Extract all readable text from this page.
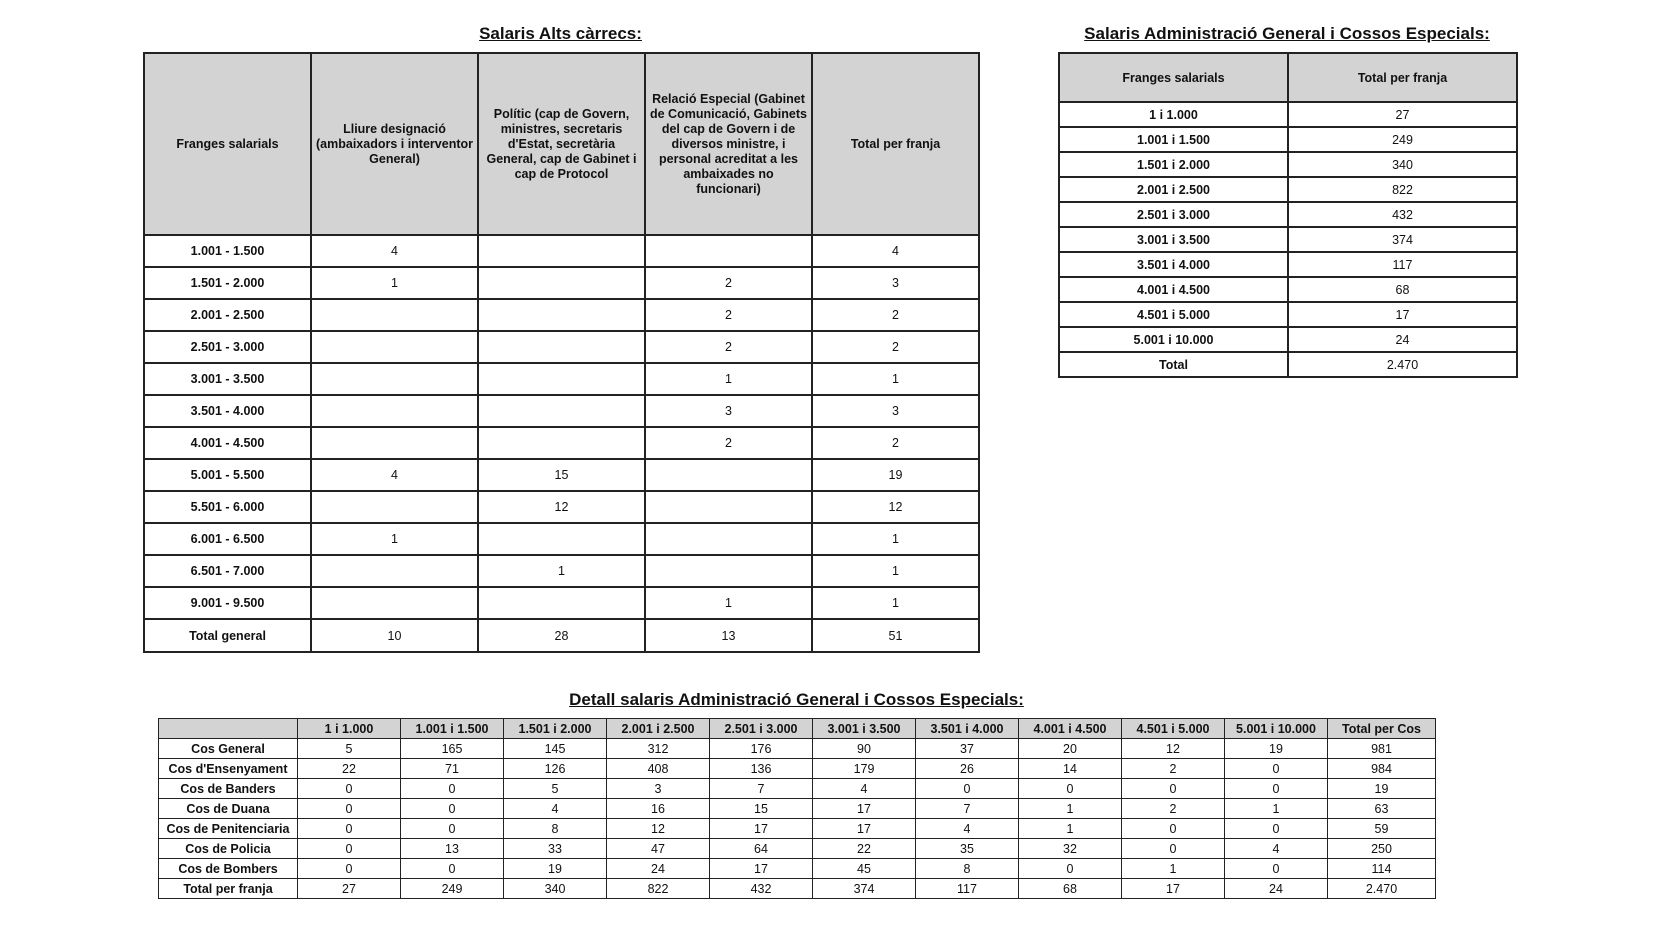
Salaris Alts càrrecs:
Franges salarials	Lliure designació (ambaixadors i interventor General)	Polític (cap de Govern, ministres, secretaris d'Estat, secretària General, cap de Gabinet i cap de Protocol	Relació Especial (Gabinet de Comunicació, Gabinets del cap de Govern i de diversos ministre, i personal acreditat a les ambaixades no funcionari)	Total per franja
1.001 - 1.500	4			4
1.501 - 2.000	1		2	3
2.001 - 2.500			2	2
2.501 - 3.000			2	2
3.001 - 3.500			1	1
3.501 - 4.000			3	3
4.001 - 4.500			2	2
5.001 - 5.500	4	15		19
5.501 - 6.000		12		12
6.001 - 6.500	1			1
6.501 - 7.000		1		1
9.001 - 9.500			1	1
Total general	10	28	13	51
Salaris Administració General i Cossos Especials:
Franges salarials	Total per franja
1 i 1.000	27
1.001 i 1.500	249
1.501 i 2.000	340
2.001 i 2.500	822
2.501 i 3.000	432
3.001 i 3.500	374
3.501 i 4.000	117
4.001 i 4.500	68
4.501 i 5.000	17
5.001 i 10.000	24
Total	2.470
Detall salaris Administració General i Cossos Especials:
	1 i 1.000	1.001 i 1.500	1.501 i 2.000	2.001 i 2.500	2.501 i 3.000	3.001 i 3.500	3.501 i 4.000	4.001 i 4.500	4.501 i 5.000	5.001 i 10.000	Total per Cos
Cos General	5	165	145	312	176	90	37	20	12	19	981
Cos d'Ensenyament	22	71	126	408	136	179	26	14	2	0	984
Cos de Banders	0	0	5	3	7	4	0	0	0	0	19
Cos de Duana	0	0	4	16	15	17	7	1	2	1	63
Cos de Penitenciaria	0	0	8	12	17	17	4	1	0	0	59
Cos de Policia	0	13	33	47	64	22	35	32	0	4	250
Cos de Bombers	0	0	19	24	17	45	8	0	1	0	114
Total per franja	27	249	340	822	432	374	117	68	17	24	2.470
